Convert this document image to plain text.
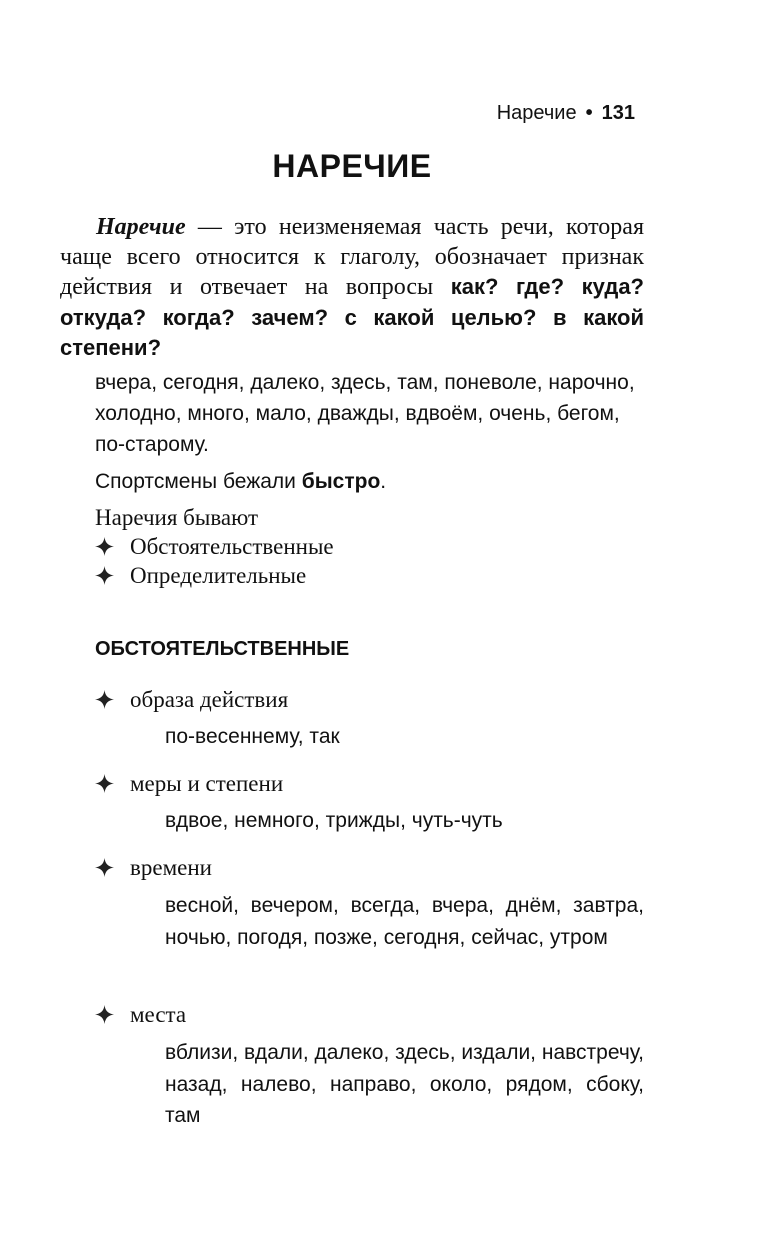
Наречие • 131
НАРЕЧИЕ

Наречие — это неизменяемая часть речи, которая чаще всего относится к глаголу, обозначает признак действия и отвечает на вопросы как? где? куда? откуда? когда? зачем? с какой целью? в какой степени?

вчера, сегодня, далеко, здесь, там, поневоле, нарочно, холодно, много, мало, дважды, вдвоём, очень, бегом, по-старому.

Спортсмены бежали быстро.

Наречия бывают

Обстоятельственные
Определительные
ОБСТОЯТЕЛЬСТВЕННЫЕ
образа действия

по-весеннему, так

меры и степени

вдвое, немного, трижды, чуть-чуть

времени

весной, вечером, всегда, вчера, днём, завтра, ночью, погодя, позже, сегодня, сейчас, утром

места

вблизи, вдали, далеко, здесь, издали, навстречу, назад, налево, направо, около, рядом, сбоку, там
